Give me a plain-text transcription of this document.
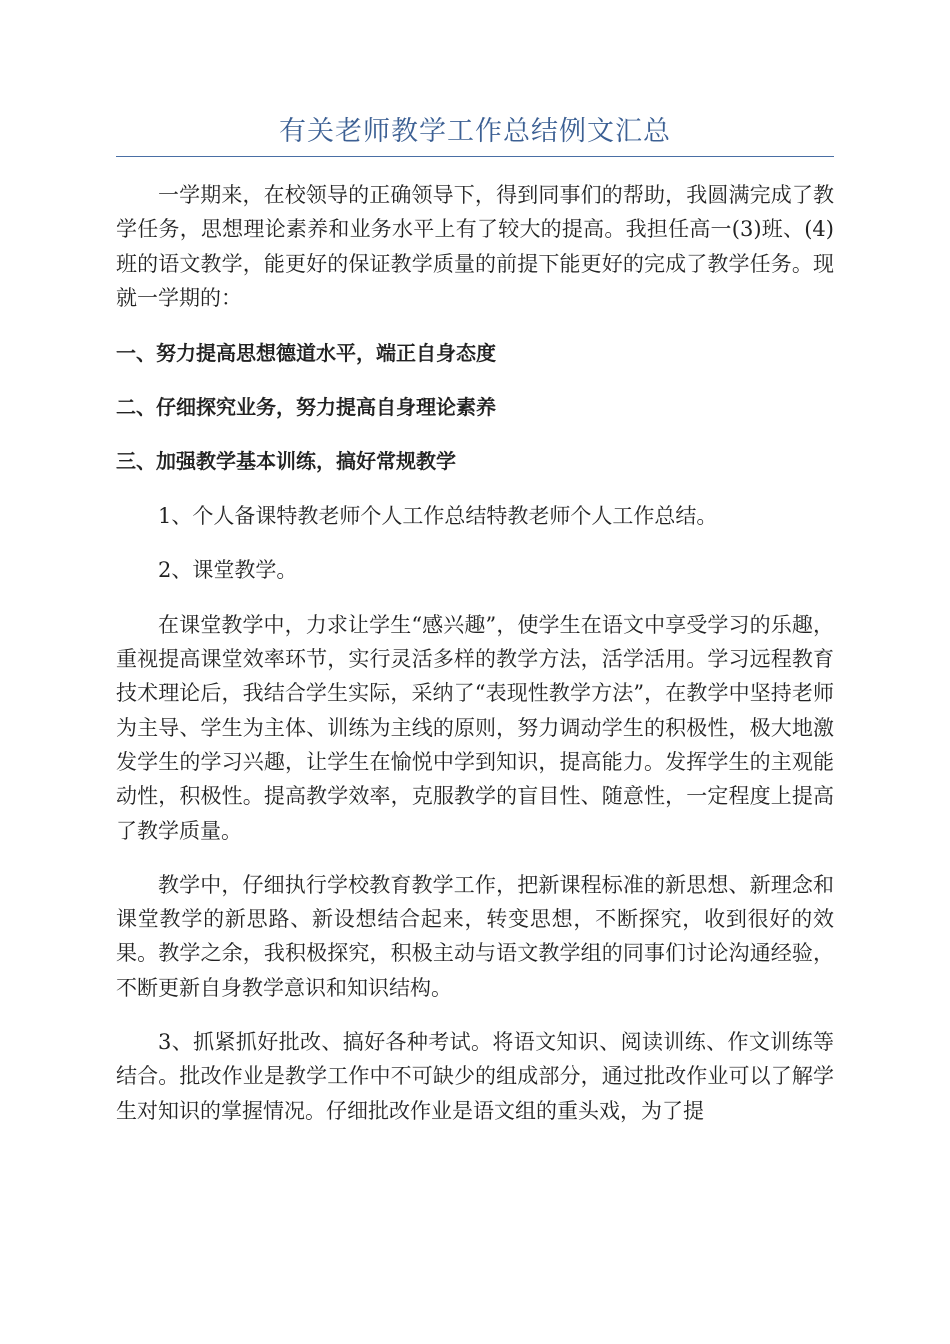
有关老师教学工作总结例文汇总

一学期来，在校领导的正确领导下，得到同事们的帮助，我圆满完成了教学任务，思想理论素养和业务水平上有了较大的提高。我担任高一(3)班、(4)班的语文教学，能更好的保证教学质量的前提下能更好的完成了教学任务。现就一学期的：

一、努力提高思想德道水平，端正自身态度

二、仔细探究业务，努力提高自身理论素养

三、加强教学基本训练，搞好常规教学

1、个人备课特教老师个人工作总结特教老师个人工作总结。

2、课堂教学。

在课堂教学中，力求让学生“感兴趣”，使学生在语文中享受学习的乐趣，重视提高课堂效率环节，实行灵活多样的教学方法，活学活用。学习远程教育技术理论后，我结合学生实际，采纳了“表现性教学方法”，在教学中坚持老师为主导、学生为主体、训练为主线的原则，努力调动学生的积极性，极大地激发学生的学习兴趣，让学生在愉悦中学到知识，提高能力。发挥学生的主观能动性，积极性。提高教学效率，克服教学的盲目性、随意性，一定程度上提高了教学质量。

教学中，仔细执行学校教育教学工作，把新课程标准的新思想、新理念和课堂教学的新思路、新设想结合起来，转变思想，不断探究，收到很好的效果。教学之余，我积极探究，积极主动与语文教学组的同事们讨论沟通经验，不断更新自身教学意识和知识结构。

3、抓紧抓好批改、搞好各种考试。将语文知识、阅读训练、作文训练等结合。批改作业是教学工作中不可缺少的组成部分，通过批改作业可以了解学生对知识的掌握情况。仔细批改作业是语文组的重头戏，为了提
